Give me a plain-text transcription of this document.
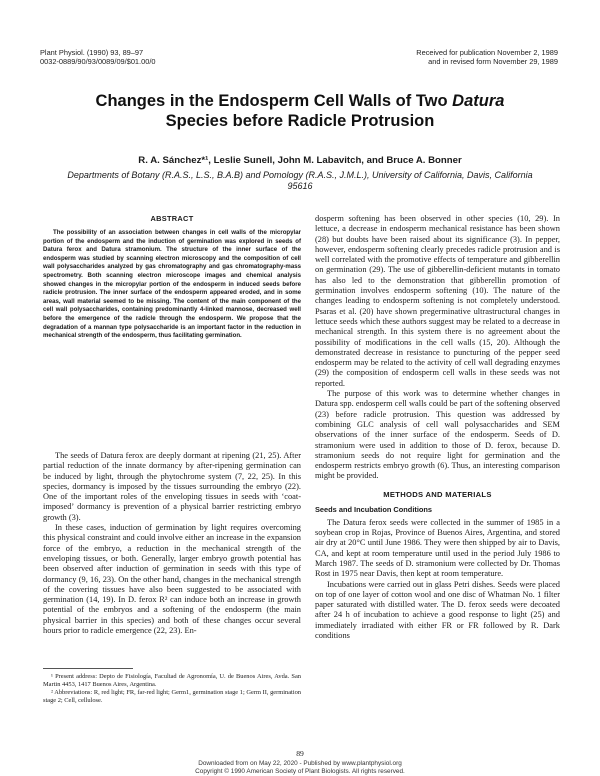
Plant Physiol. (1990) 93, 89–97
0032-0889/90/93/0089/09/$01.00/0
Received for publication November 2, 1989
and in revised form November 29, 1989
Changes in the Endosperm Cell Walls of Two Datura
Species before Radicle Protrusion
R. A. Sánchez*¹, Leslie Sunell, John M. Labavitch, and Bruce A. Bonner
Departments of Botany (R.A.S., L.S., B.A.B) and Pomology (R.A.S., J.M.L.), University of California, Davis, California 95616
ABSTRACT

The possibility of an association between changes in cell walls of the micropylar portion of the endosperm and the induction of germination was explored in seeds of Datura ferox and Datura stramonium. The structure of the inner surface of the endosperm was studied by scanning electron microscopy and the composition of cell wall polysaccharides analyzed by gas chromatography and gas chromatography-mass spectrometry. Both scanning electron microscope images and chemical analysis showed changes in the micropylar portion of the endosperm in induced seeds before radicle protrusion. The inner surface of the endosperm appeared eroded, and in some areas, wall material seemed to be missing. The content of the main component of the cell wall polysaccharides, containing predominantly 4-linked mannose, decreased well before the emergence of the radicle through the endosperm. We propose that the degradation of a mannan type polysaccharide is an important factor in the reduction in mechanical strength of the endosperm, thus facilitating germination.

The seeds of Datura ferox are deeply dormant at ripening (21, 25). After partial reduction of the innate dormancy by after-ripening germination can be induced by light, through the phytochrome system (7, 22, 25). In this species, dormancy is imposed by the tissues surrounding the embryo (22). One of the important roles of the enveloping tissues in seeds with ‘coat-imposed’ dormancy is prevention of a physical barrier restricting embryo growth (3).

In these cases, induction of germination by light requires overcoming this physical constraint and could involve either an increase in the expansion force of the embryo, a reduction in the mechanical strength of the enveloping tissues, or both. Generally, larger embryo growth potential has been observed after induction of germination in seeds with this type of dormancy (9, 16, 23). On the other hand, changes in the mechanical strength of the covering tissues have also been suggested to be associated with germination (14, 19). In D. ferox R² can induce both an increase in growth potential of the embryos and a softening of the endosperm (the main physical barrier in this species) and both of these changes occur several hours prior to radicle emergence (22, 23). En-

¹ Present address: Depto de Fisiología, Facultad de Agronomía, U. de Buenos Aires, Avda. San Martin 4453, 1417 Buenos Aires, Argentina.

² Abbreviations: R, red light; FR, far-red light; Germ1, germination stage 1; Germ II, germination stage 2; Cell, cellulose.

dosperm softening has been observed in other species (10, 29). In lettuce, a decrease in endosperm mechanical resistance has been shown (28) but doubts have been raised about its significance (3). In pepper, however, endosperm softening clearly precedes radicle protrusion and is well correlated with the promotive effects of temperature and gibberellin on germination (29). The use of gibberellin-deficient mutants in tomato has also led to the demonstration that gibberellin promotion of germination involves endosperm softening (10). The nature of the changes leading to endosperm softening is not completely understood. Psaras et al. (20) have shown pregerminative ultrastructural changes in lettuce seeds which these authors suggest may be related to a decrease in mechanical strength. In this system there is no agreement about the possibility of modifications in the cell walls (15, 20). Although the demonstrated decrease in resistance to puncturing of the pepper seed endosperm may be related to the activity of cell wall degrading enzymes (29) the composition of endosperm cell walls in these seeds was not reported.

The purpose of this work was to determine whether changes in Datura spp. endosperm cell walls could be part of the softening observed (23) before radicle protrusion. This question was addressed by combining GLC analysis of cell wall polysaccharides and SEM observations of the inner surface of the endosperm. Seeds of D. stramonium were used in addition to those of D. ferox, because D. stramonium seeds do not require light for germination and the endosperm restricts embryo growth (6). Thus, an interesting comparison might be provided.

METHODS AND MATERIALS
Seeds and Incubation Conditions

The Datura ferox seeds were collected in the summer of 1985 in a soybean crop in Rojas, Province of Buenos Aires, Argentina, and stored air dry at 20°C until June 1986. They were then shipped by air to Davis, CA, and kept at room temperature until used in the period July 1986 to March 1987. The seeds of D. stramonium were collected by Dr. Thomas Rost in 1975 near Davis, then kept at room temperature.

Incubations were carried out in glass Petri dishes. Seeds were placed on top of one layer of cotton wool and one disc of Whatman No. 1 filter paper saturated with distilled water. The D. ferox seeds were decoated after 24 h of incubation to achieve a good response to light (25) and immediately irradiated with either FR or FR followed by R. Dark conditions

89
Downloaded from on May 22, 2020 - Published by www.plantphysiol.org
Copyright © 1990 American Society of Plant Biologists. All rights reserved.
